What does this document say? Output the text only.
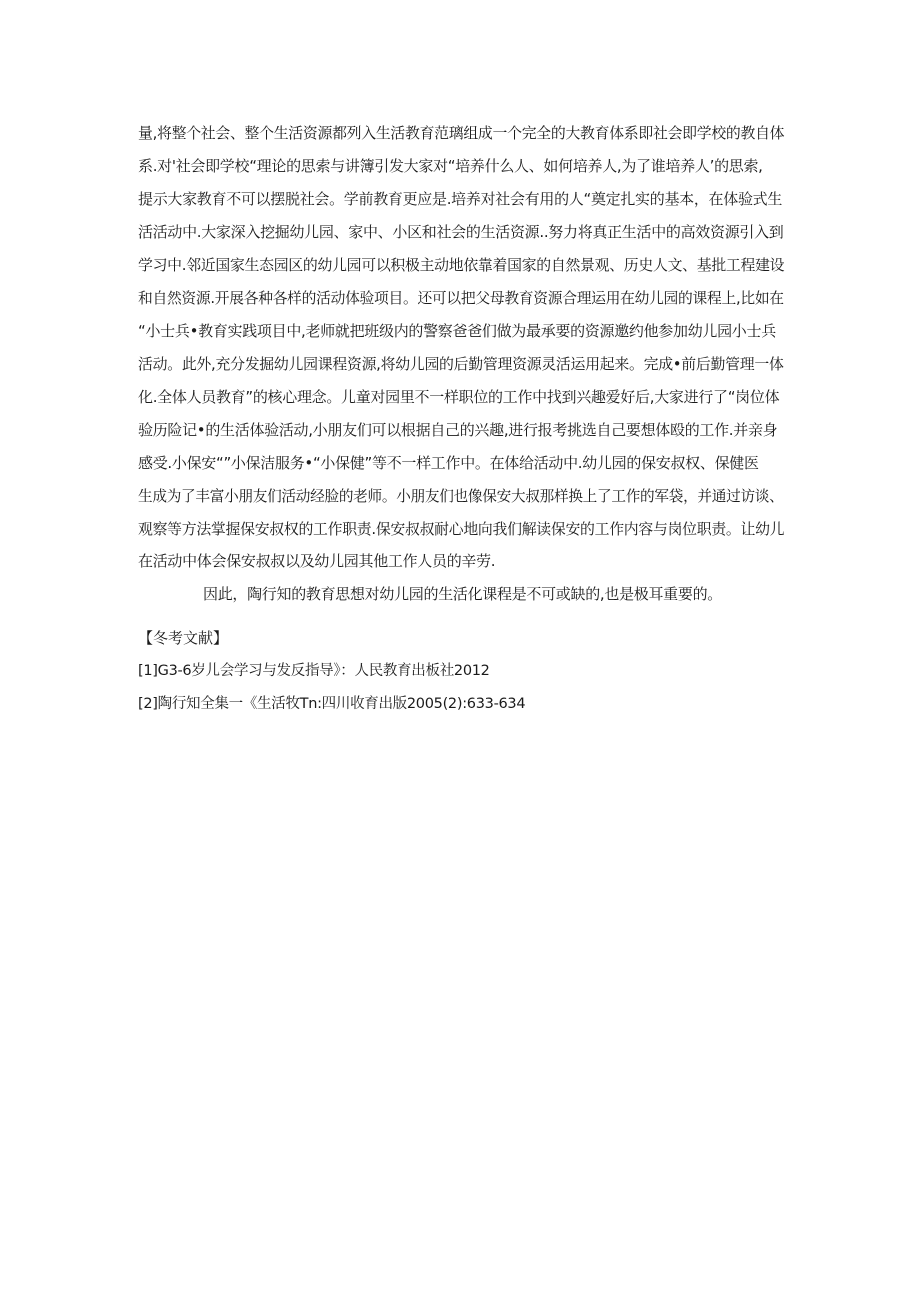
量,将整个社会、整个生活资源都列入生活教育范璃组成一个完全的大教育体系即社会即学校的教自体
系.对'社会即学校“理论的思索与讲簿引发大家对“培养什么人、如何培养人,为了谁培养人’的思索,
提示大家教育不可以摆脱社会。学前教育更应是.培养对社会有用的人“奠定扎实的基本，在体验式生
活活动中.大家深入挖掘幼儿园、家中、小区和社会的生活资源..努力将真正生活中的高效资源引入到
学习中.邻近国家生态园区的幼儿园可以积极主动地依靠着国家的自然景观、历史人文、基批工程建设
和自然资源.开展各种各样的活动体验项目。还可以把父母教育资源合理运用在幼儿园的课程上,比如在
“小士兵•教育实践项目中,老师就把班级内的警察爸爸们做为最承要的资源邀约他参加幼儿园小士兵
活动。此外,充分发掘幼儿园课程资源,将幼儿园的后勤管理资源灵活运用起来。完成•前后勤管理一体
化.全体人员教育”的核心理念。儿童对园里不一样职位的工作中找到兴趣爱好后,大家进行了“岗位体
验历险记•的生活体验活动,小朋友们可以根据自己的兴趣,进行报考挑选自己要想体殴的工作.并亲身
感受.小保安“”小保洁服务•“小保健”等不一样工作中。在体给活动中.幼儿园的保安叔权、保健医
生成为了丰富小朋友们活动经脸的老师。小朋友们也像保安大叔那样换上了工作的军袋，并通过访谈、
观察等方法掌握保安叔权的工作职责.保安叔叔耐心地向我们解读保安的工作内容与岗位职责。让幼儿
在活动中体会保安叔叔以及幼儿园其他工作人员的辛劳.
因此，陶行知的教育思想对幼儿园的生活化课程是不可或缺的,也是极耳重要的。
【冬考文献】
[1]G3-6岁儿会学习与发反指导》：人民教育出板社2012
[2]陶行知全集一《生活牧Tn:四川收育出版2005(2):633-634
